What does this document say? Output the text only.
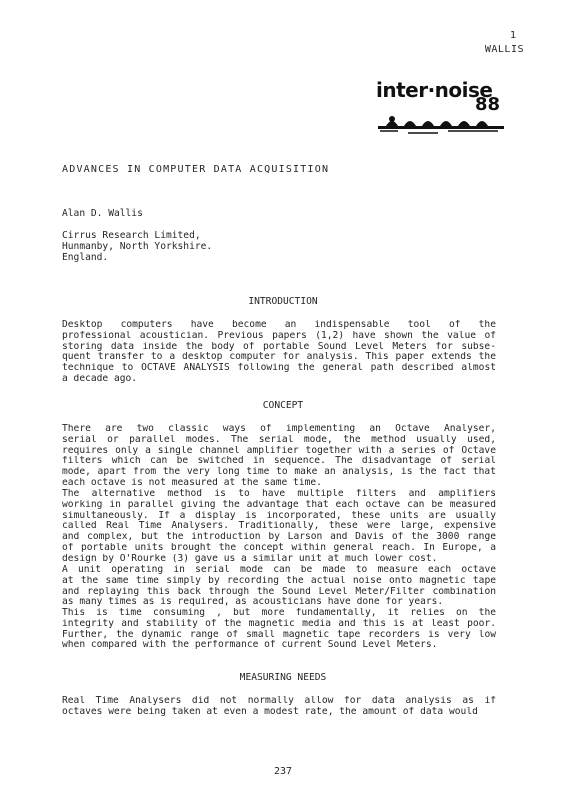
1
WALLIS
inter·noise
88
ADVANCES IN COMPUTER DATA ACQUISITION
Alan D. Wallis
Cirrus Research Limited,
Hunmanby, North Yorkshire.
England.
INTRODUCTION
Desktop computers have become an indispensable tool of the
professional acoustician. Previous papers (1,2) have shown the value of
storing data inside the body of portable Sound Level Meters for subse-
quent transfer to a desktop computer for analysis. This paper extends the
technique to OCTAVE ANALYSIS following the general path described almost
a decade ago.
CONCEPT
There are two classic ways of implementing an Octave Analyser,
serial or parallel modes. The serial mode, the method usually used,
requires only a single channel amplifier together with a series of Octave
filters which can be switched in sequence. The disadvantage of serial
mode, apart from the very long time to make an analysis, is the fact that
each octave is not measured at the same time.
The alternative method is to have multiple filters and amplifiers
working in parallel giving the advantage that each octave can be measured
simultaneously. If a display is incorporated, these units are usually
called Real Time Analysers. Traditionally, these were large, expensive
and complex, but the introduction by Larson and Davis of the 3000 range
of portable units brought the concept within general reach. In Europe, a
design by O'Rourke (3) gave us a similar unit at much lower cost.
A unit operating in serial mode can be made to measure each octave
at the same time simply by recording the actual noise onto magnetic tape
and replaying this back through the Sound Level Meter/Filter combination
as many times as is required, as acousticians have done for years.
This is time consuming , but more fundamentally, it relies on the
integrity and stability of the magnetic media and this is at least poor.
Further, the dynamic range of small magnetic tape recorders is very low
when compared with the performance of current Sound Level Meters.
MEASURING NEEDS
Real Time Analysers did not normally allow for data analysis as if
octaves were being taken at even a modest rate, the amount of data would
237
